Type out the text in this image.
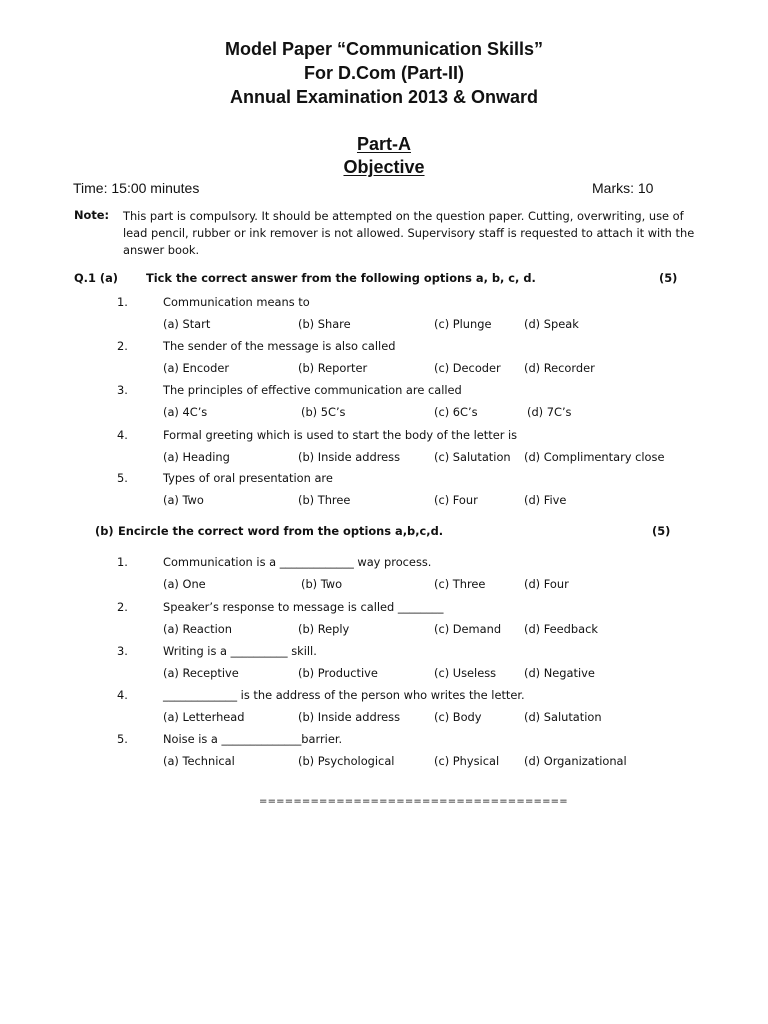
Model Paper “Communication Skills”
For D.Com (Part-II)
Annual Examination 2013 & Onward
Part-A
Objective
Time: 15:00 minutes	Marks: 10
Note: This part is compulsory. It should be attempted on the question paper. Cutting, overwriting, use of lead pencil, rubber or ink remover is not allowed. Supervisory staff is requested to attach it with the answer book.
Q.1 (a) Tick the correct answer from the following options a, b, c, d.	(5)
1.	Communication means to
(a) Start	(b) Share	(c) Plunge	(d) Speak
2.	The sender of the message is also called
(a) Encoder	(b) Reporter	(c) Decoder (d) Recorder
3.	The principles of effective communication are called
(a) 4C’s	(b) 5C’s	(c) 6C’s	(d) 7C’s
4.	Formal greeting which is used to start the body of the letter is
(a) Heading	(b) Inside address	(c) Salutation (d) Complimentary close
5.	Types of oral presentation are
(a) Two	(b) Three	(c) Four	(d) Five
(b) Encircle the correct word from the options a,b,c,d.	(5)
1.	Communication is a _____________ way process.
(a) One	(b) Two	(c) Three	(d) Four
2.	Speaker’s response to message is called ________
(a) Reaction	(b) Reply	(c) Demand (d) Feedback
3.	Writing is a __________ skill.
(a) Receptive	(b) Productive	(c) Useless (d) Negative
4.	_____________ is the address of the person who writes the letter.
(a) Letterhead	(b) Inside address	(c) Body	(d) Salutation
5.	Noise is a ______________barrier.
(a) Technical	(b) Psychological	(c) Physical (d) Organizational
====================================
